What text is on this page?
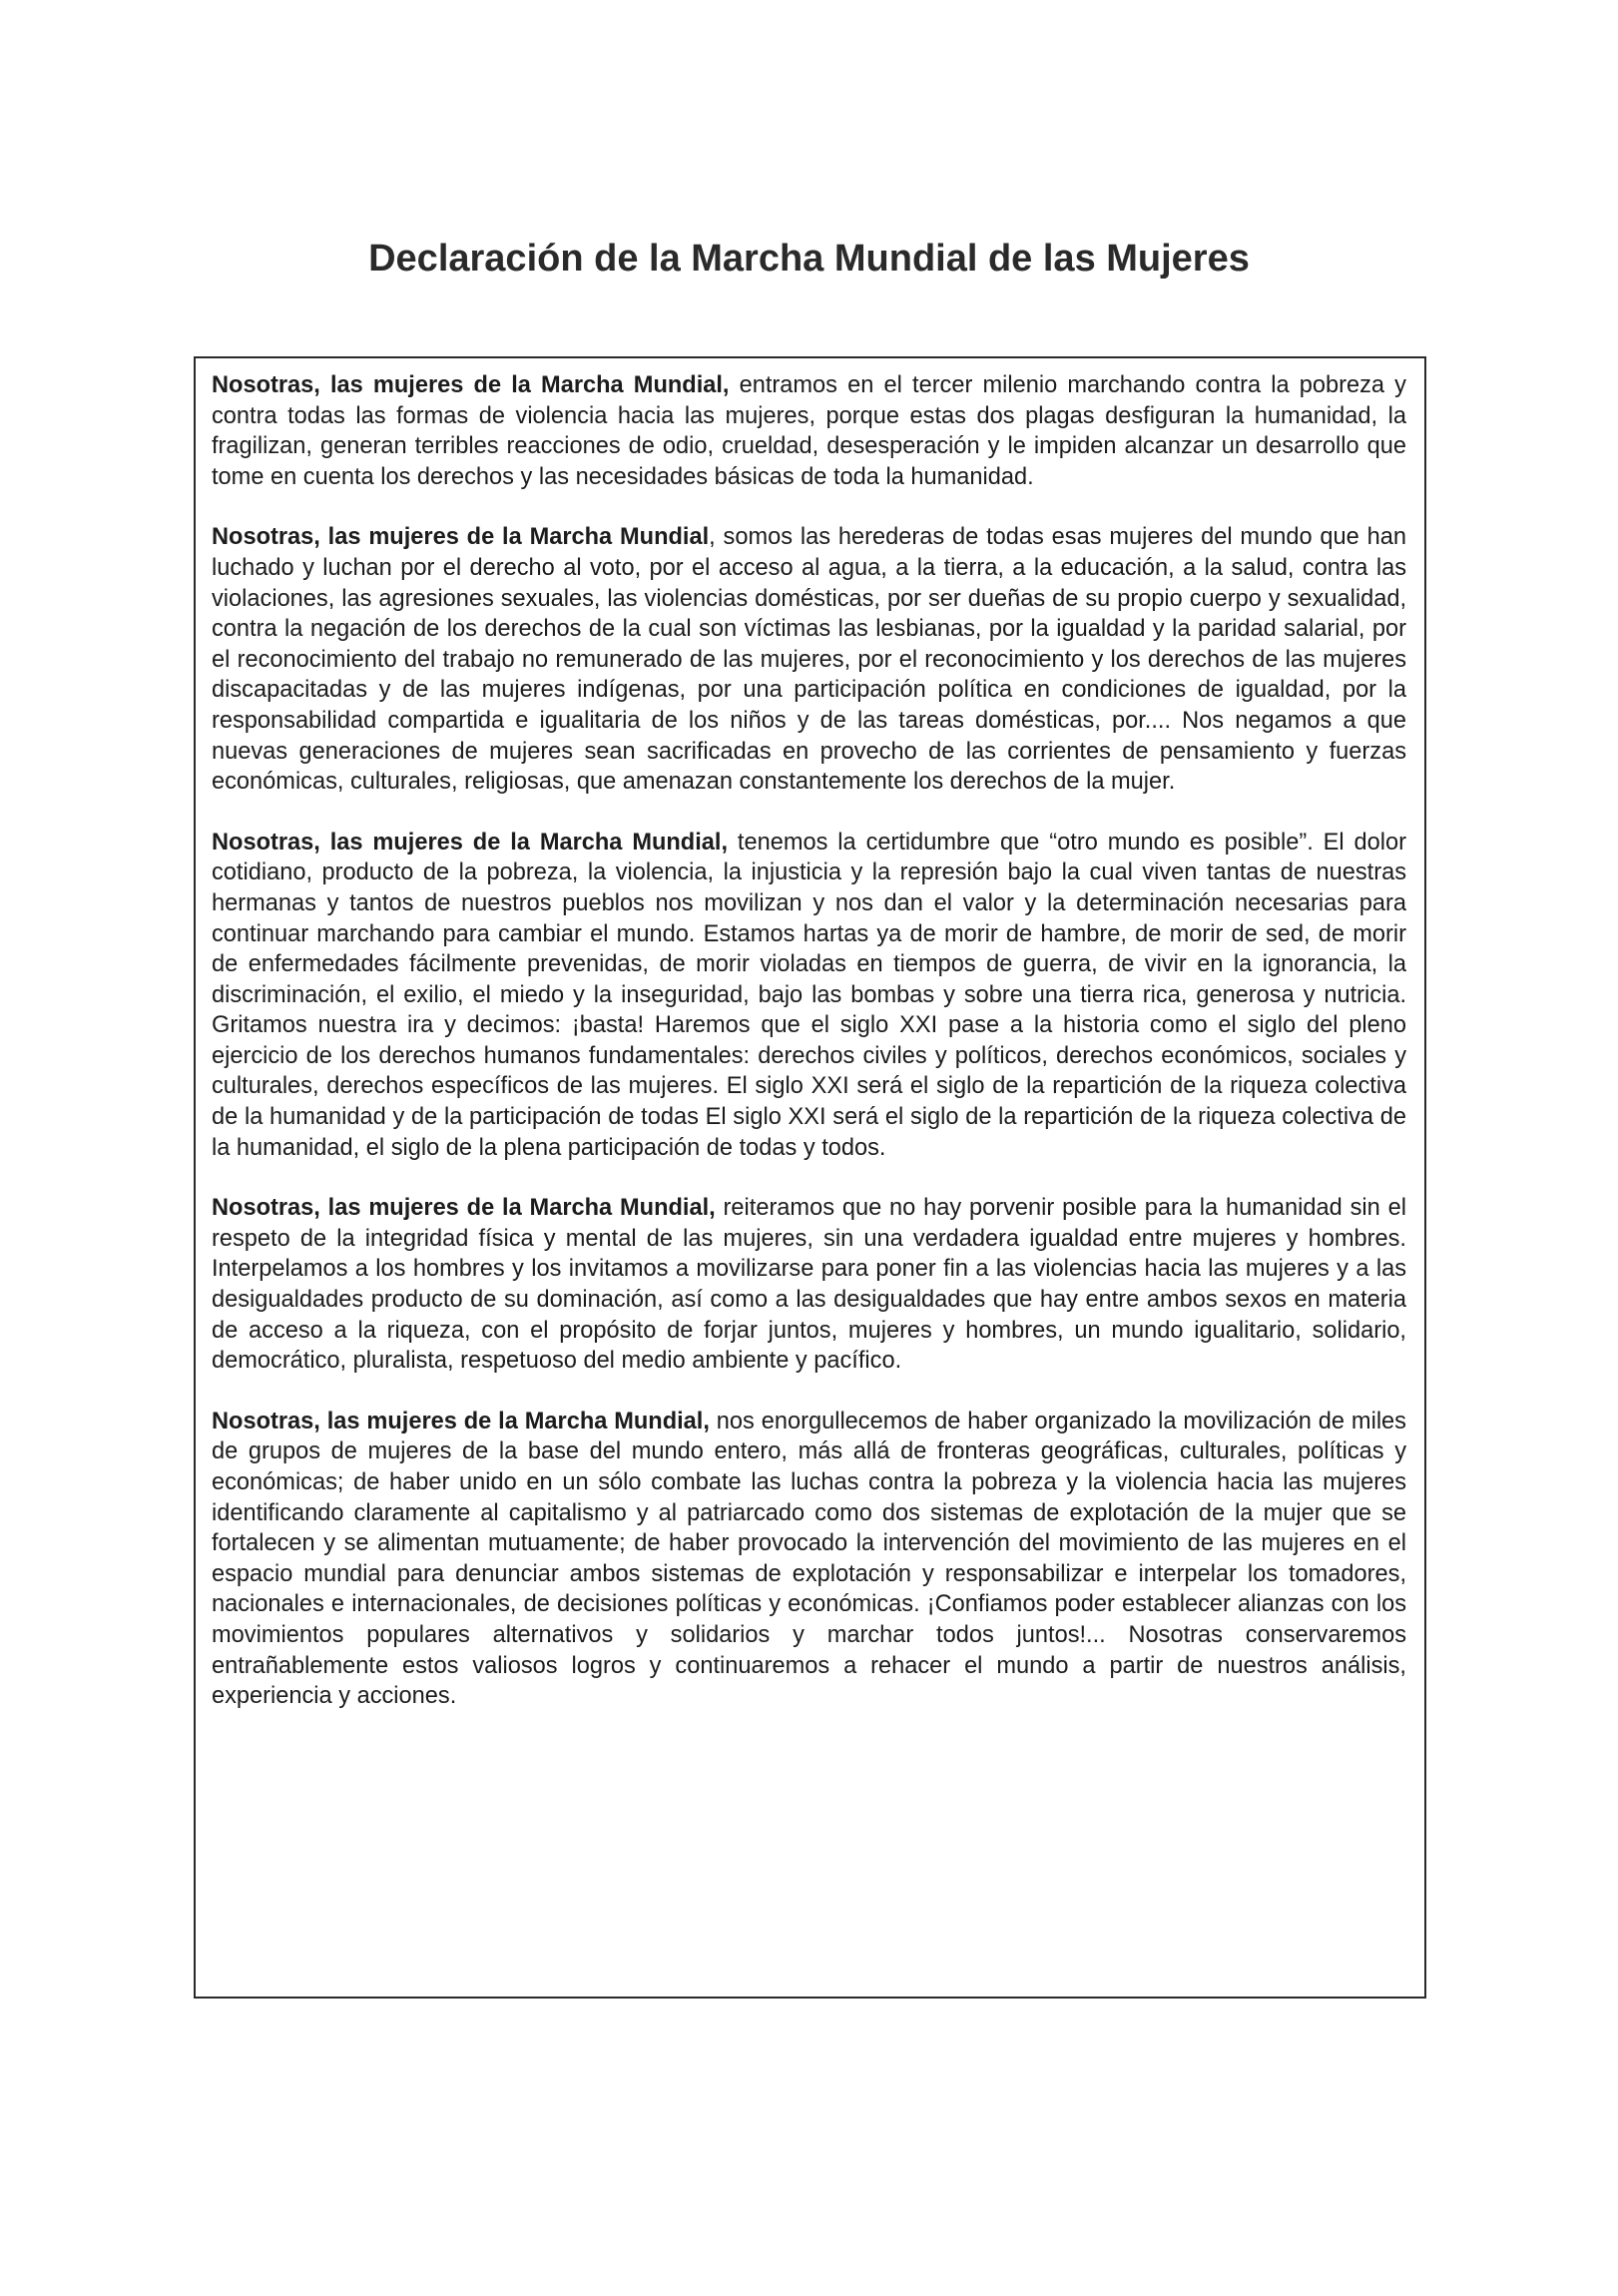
Declaración de la Marcha Mundial de las Mujeres

Nosotras, las mujeres de la Marcha Mundial, entramos en el tercer milenio marchando contra la pobreza y contra todas las formas de violencia hacia las mujeres, porque estas dos plagas desfiguran la humanidad, la fragilizan, generan terribles reacciones de odio, crueldad, desesperación y le impiden alcanzar un desarrollo que tome en cuenta los derechos y las necesidades básicas de toda la humanidad.

Nosotras, las mujeres de la Marcha Mundial, somos las herederas de todas esas mujeres del mundo que han luchado y luchan por el derecho al voto, por el acceso al agua, a la tierra, a la educación, a la salud, contra las violaciones, las agresiones sexuales, las violencias domésticas, por ser dueñas de su propio cuerpo y sexualidad, contra la negación de los derechos de la cual son víctimas las lesbianas, por la igualdad y la paridad salarial, por el reconocimiento del trabajo no remunerado de las mujeres, por el reconocimiento y los derechos de las mujeres discapacitadas y de las mujeres indígenas, por una participación política en condiciones de igualdad, por la responsabilidad compartida e igualitaria de los niños y de las tareas domésticas, por.... Nos negamos a que nuevas generaciones de mujeres sean sacrificadas en provecho de las corrientes de pensamiento y fuerzas económicas, culturales, religiosas, que amenazan constantemente los derechos de la mujer.

Nosotras, las mujeres de la Marcha Mundial, tenemos la certidumbre que “otro mundo es posible”. El dolor cotidiano, producto de la pobreza, la violencia, la injusticia y la represión bajo la cual viven tantas de nuestras hermanas y tantos de nuestros pueblos nos movilizan y nos dan el valor y la determinación necesarias para continuar marchando para cambiar el mundo. Estamos hartas ya de morir de hambre, de morir de sed, de morir de enfermedades fácilmente prevenidas, de morir violadas en tiempos de guerra, de vivir en la ignorancia, la discriminación, el exilio, el miedo y la inseguridad, bajo las bombas y sobre una tierra rica, generosa y nutricia. Gritamos nuestra ira y decimos: ¡basta! Haremos que el siglo XXI pase a la historia como el siglo del pleno ejercicio de los derechos humanos fundamentales: derechos civiles y políticos, derechos económicos, sociales y culturales, derechos específicos de las mujeres. El siglo XXI será el siglo de la repartición de la riqueza colectiva de la humanidad y de la participación de todas El siglo XXI será el siglo de la repartición de la riqueza colectiva de la humanidad, el siglo de la plena participación de todas y todos.

Nosotras, las mujeres de la Marcha Mundial, reiteramos que no hay porvenir posible para la humanidad sin el respeto de la integridad física y mental de las mujeres, sin una verdadera igualdad entre mujeres y hombres. Interpelamos a los hombres y los invitamos a movilizarse para poner fin a las violencias hacia las mujeres y a las desigualdades producto de su dominación, así como a las desigualdades que hay entre ambos sexos en materia de acceso a la riqueza, con el propósito de forjar juntos, mujeres y hombres, un mundo igualitario, solidario, democrático, pluralista, respetuoso del medio ambiente y pacífico.

Nosotras, las mujeres de la Marcha Mundial, nos enorgullecemos de haber organizado la movilización de miles de grupos de mujeres de la base del mundo entero, más allá de fronteras geográficas, culturales, políticas y económicas; de haber unido en un sólo combate las luchas contra la pobreza y la violencia hacia las mujeres identificando claramente al capitalismo y al patriarcado como dos sistemas de explotación de la mujer que se fortalecen y se alimentan mutuamente; de haber provocado la intervención del movimiento de las mujeres en el espacio mundial para denunciar ambos sistemas de explotación y responsabilizar e interpelar los tomadores, nacionales e internacionales, de decisiones políticas y económicas. ¡Confiamos poder establecer alianzas con los movimientos populares alternativos y solidarios y marchar todos juntos!... Nosotras conservaremos entrañablemente estos valiosos logros y continuaremos a rehacer el mundo a partir de nuestros análisis, experiencia y acciones.
